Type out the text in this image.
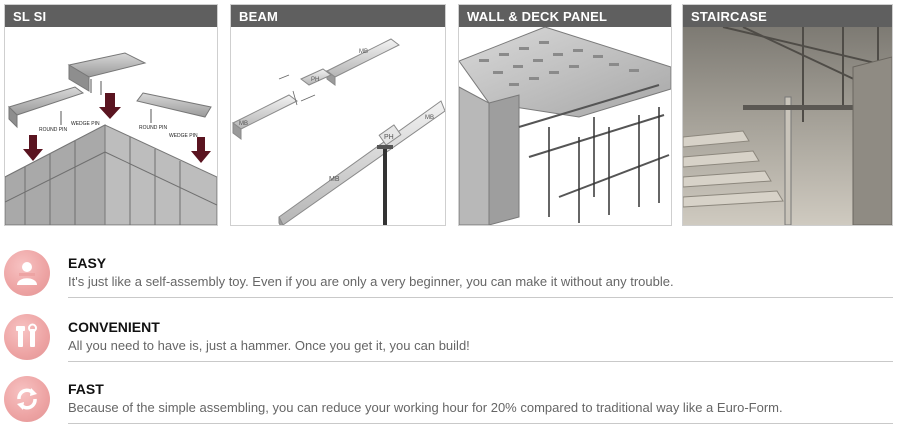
SL SI
ROUND PIN
WEDGE PIN
ROUND PIN
WEDGE PIN
BEAM
MB
PH
MB
PH
MB
MB
WALL & DECK PANEL	STAIRCASE
EASY
It's just like a self-assembly toy. Even if you are only a very beginner, you can make it without any trouble.
CONVENIENT
All you need to have is, just a hammer. Once you get it, you can build!
FAST
Because of the simple assembling, you can reduce your working hour for 20% compared to traditional way like a Euro-Form.
